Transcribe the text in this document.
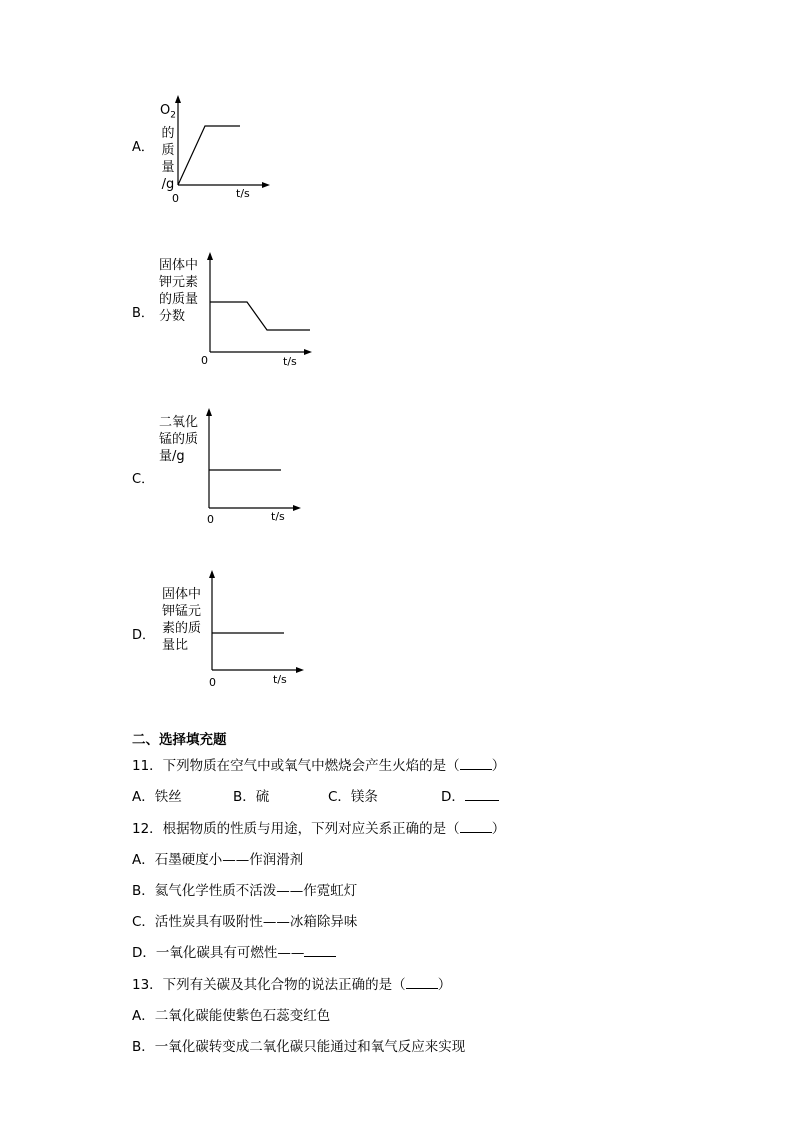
A．
$O_2$
的
质
量
/g
0	t/s
B．
固体中
钾元素
的质量
分数
0	t/s
C．
二氧化
锰的质
量/g
0	t/s
D．
固体中
钾锰元
素的质
量比
0	t/s
二、选择填充题
11．下列物质在空气中或氧气中燃烧会产生火焰的是（ ）
A．铁丝	B．硫	C．镁条	D．
12．根据物质的性质与用途，下列对应关系正确的是（ ）
A．石墨硬度小——作润滑剂
B．氦气化学性质不活泼——作霓虹灯
C．活性炭具有吸附性——冰箱除异味
D．一氧化碳具有可燃性——
13．下列有关碳及其化合物的说法正确的是（ ）
A．二氧化碳能使紫色石蕊变红色
B．一氧化碳转变成二氧化碳只能通过和氧气反应来实现
